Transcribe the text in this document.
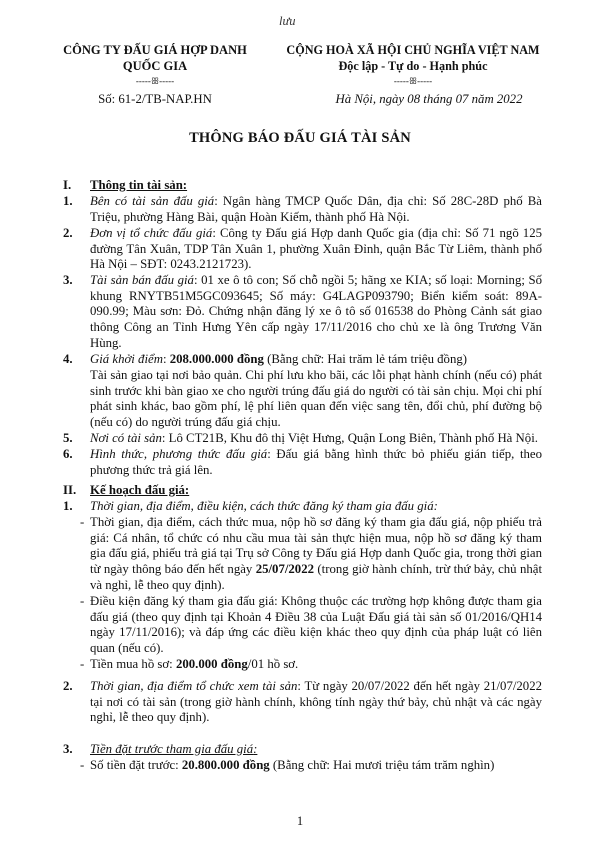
lưu
CÔNG TY ĐẤU GIÁ HỢP DANH
QUỐC GIA
-----ꕥ-----
Số: 61-2/TB-NAP.HN
CỘNG HOÀ XÃ HỘI CHỦ NGHĨA VIỆT NAM
Độc lập - Tự do - Hạnh phúc
-----ꕥ-----
Hà Nội, ngày 08 tháng 07 năm 2022
THÔNG BÁO ĐẤU GIÁ TÀI SẢN
I. Thông tin tài sản:
1. Bên có tài sản đấu giá: Ngân hàng TMCP Quốc Dân, địa chỉ: Số 28C-28D phố Bà Triệu, phường Hàng Bài, quận Hoàn Kiếm, thành phố Hà Nội.
2. Đơn vị tổ chức đấu giá: Công ty Đấu giá Hợp danh Quốc gia (địa chỉ: Số 71 ngõ 125 đường Tân Xuân, TDP Tân Xuân 1, phường Xuân Đỉnh, quận Bắc Từ Liêm, thành phố Hà Nội – SĐT: 0243.2121723).
3. Tài sản bán đấu giá: 01 xe ô tô con; Số chỗ ngồi 5; hãng xe KIA; số loại: Morning; Số khung RNYTB51M5GC093645; Số máy: G4LAGP093790; Biển kiểm soát: 89A-090.99; Màu sơn: Đỏ. Chứng nhận đăng lý xe ô tô số 016538 do Phòng Cảnh sát giao thông Công an Tỉnh Hưng Yên cấp ngày 17/11/2016 cho chủ xe là ông Trương Văn Hùng.
4. Giá khởi điểm: 208.000.000 đồng (Bằng chữ: Hai trăm lẻ tám triệu đồng)
Tài sản giao tại nơi bảo quản. Chi phí lưu kho bãi, các lỗi phạt hành chính (nếu có) phát sinh trước khi bàn giao xe cho người trúng đấu giá do người có tài sản chịu. Mọi chi phí phát sinh khác, bao gồm phí, lệ phí liên quan đến việc sang tên, đổi chủ, phí đường bộ (nếu có) do người trúng đấu giá chịu.
5. Nơi có tài sản: Lô CT21B, Khu đô thị Việt Hưng, Quận Long Biên, Thành phố Hà Nội.
6. Hình thức, phương thức đấu giá: Đấu giá bằng hình thức bỏ phiếu gián tiếp, theo phương thức trả giá lên.
II. Kế hoạch đấu giá:
1. Thời gian, địa điểm, điều kiện, cách thức đăng ký tham gia đấu giá:
- Thời gian, địa điểm, cách thức mua, nộp hồ sơ đăng ký tham gia đấu giá, nộp phiếu trả giá: Cá nhân, tổ chức có nhu cầu mua tài sản thực hiện mua, nộp hồ sơ đăng ký tham gia đấu giá, phiếu trả giá tại Trụ sở Công ty Đấu giá Hợp danh Quốc gia, trong thời gian từ ngày thông báo đến hết ngày 25/07/2022 (trong giờ hành chính, trừ thứ bảy, chủ nhật và nghỉ, lễ theo quy định).
- Điều kiện đăng ký tham gia đấu giá: Không thuộc các trường hợp không được tham gia đấu giá (theo quy định tại Khoản 4 Điều 38 của Luật Đấu giá tài sản số 01/2016/QH14 ngày 17/11/2016); và đáp ứng các điều kiện khác theo quy định của pháp luật có liên quan (nếu có).
- Tiền mua hồ sơ: 200.000 đồng/01 hồ sơ.
2. Thời gian, địa điểm tổ chức xem tài sản: Từ ngày 20/07/2022 đến hết ngày 21/07/2022 tại nơi có tài sản (trong giờ hành chính, không tính ngày thứ bảy, chủ nhật và các ngày nghỉ, lễ theo quy định).
3. Tiền đặt trước tham gia đấu giá:
- Số tiền đặt trước: 20.800.000 đồng (Bằng chữ: Hai mươi triệu tám trăm nghìn)
1
